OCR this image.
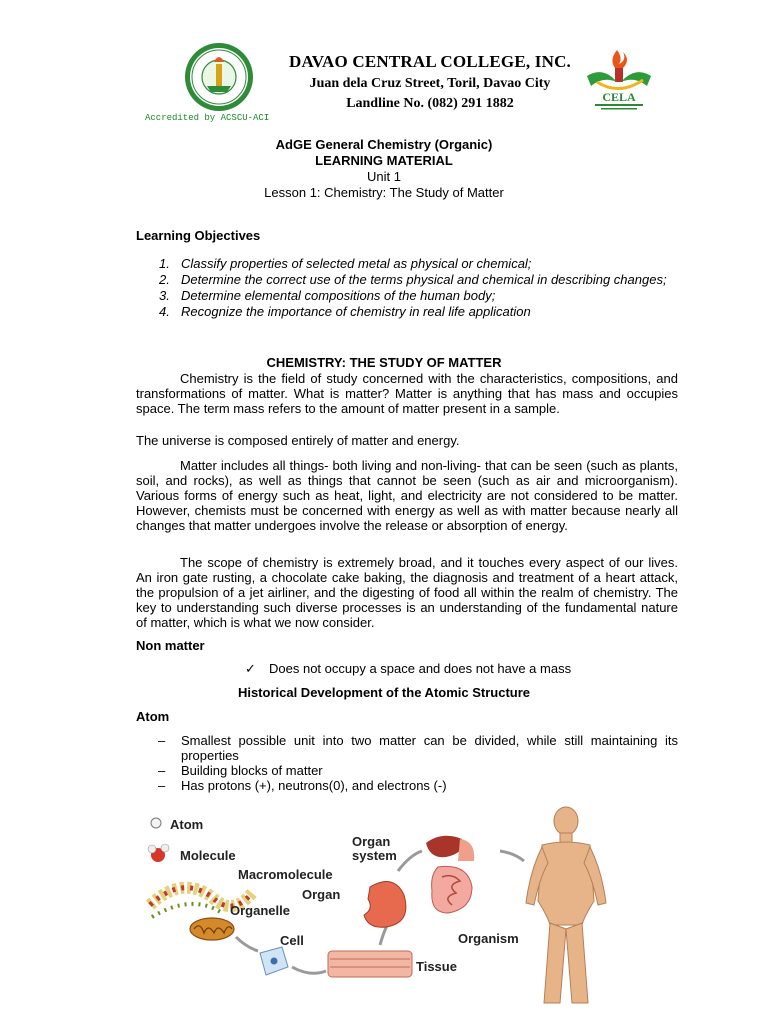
Accredited by ACSCU-ACI
DAVAO CENTRAL COLLEGE, INC.
Juan dela Cruz Street, Toril, Davao City
Landline No. (082) 291 1882	CELA
AdGE General Chemistry (Organic)
LEARNING MATERIAL
Unit 1
Lesson 1: Chemistry: The Study of Matter
Learning Objectives
1. Classify properties of selected metal as physical or chemical;
2. Determine the correct use of the terms physical and chemical in describing changes;
3. Determine elemental compositions of the human body;
4. Recognize the importance of chemistry in real life application
CHEMISTRY: THE STUDY OF MATTER

Chemistry is the field of study concerned with the characteristics, compositions, and transformations of matter. What is matter? Matter is anything that has mass and occupies space. The term mass refers to the amount of matter present in a sample.

The universe is composed entirely of matter and energy.

Matter includes all things- both living and non-living- that can be seen (such as plants, soil, and rocks), as well as things that cannot be seen (such as air and microorganism). Various forms of energy such as heat, light, and electricity are not considered to be matter. However, chemists must be concerned with energy as well as with matter because nearly all changes that matter undergoes involve the release or absorption of energy.

The scope of chemistry is extremely broad, and it touches every aspect of our lives. An iron gate rusting, a chocolate cake baking, the diagnosis and treatment of a heart attack, the propulsion of a jet airliner, and the digesting of food all within the realm of chemistry. The key to understanding such diverse processes is an understanding of the fundamental nature of matter, which is what we now consider.

Non matter
✓ Does not occupy a space and does not have a mass
Historical Development of the Atomic Structure
Atom
–	Smallest possible unit into two matter can be divided, while still maintaining its properties
–	Building blocks of matter
–	Has protons (+), neutrons(0), and electrons (-)
Atom
Molecule
Macromolecule
Organelle
Cell
Tissue
Organ
Organ
system
Organism
